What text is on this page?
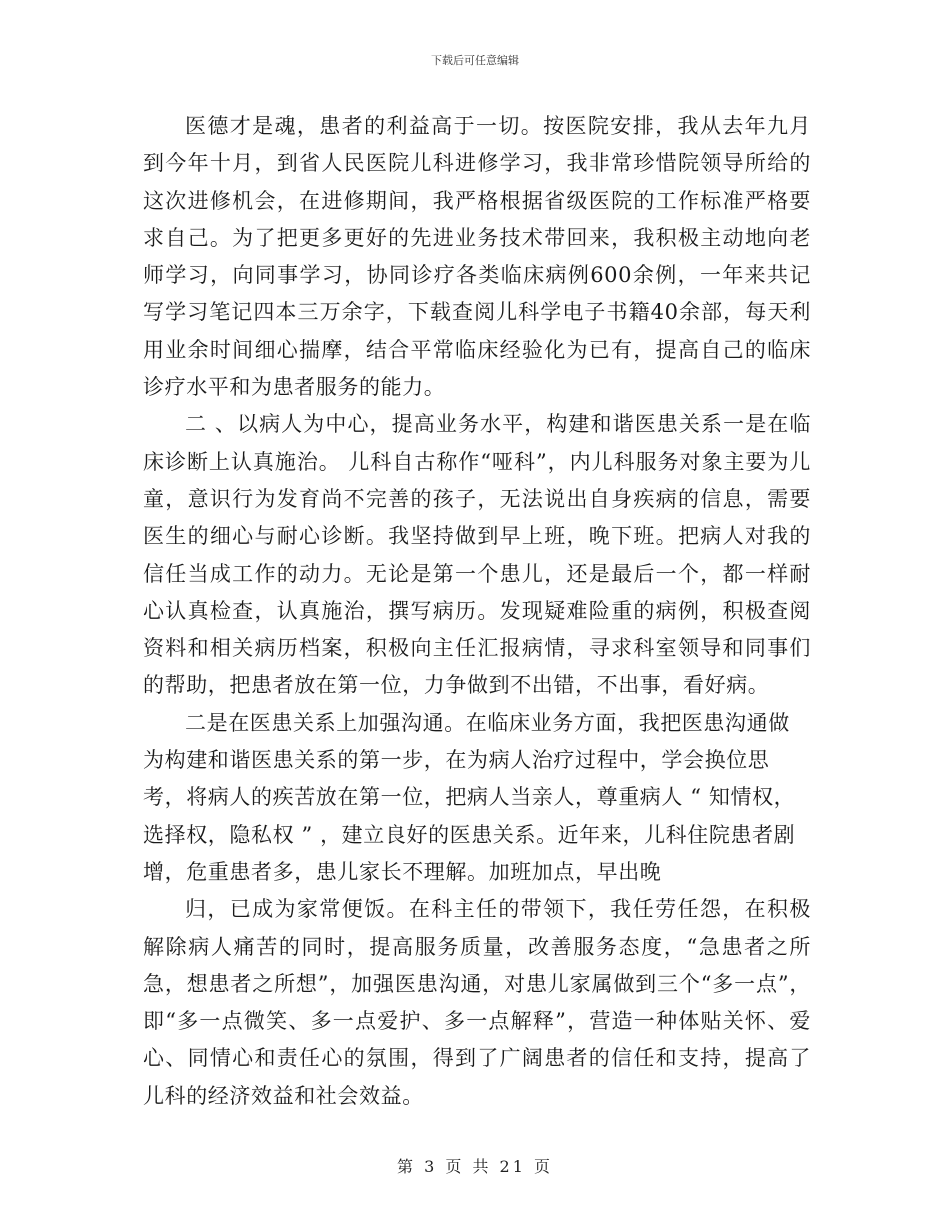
下载后可任意编辑

医德才是魂，患者的利益高于一切。按医院安排，我从去年九月到今年十月，到省人民医院儿科进修学习，我非常珍惜院领导所给的这次进修机会，在进修期间，我严格根据省级医院的工作标准严格要求自己。为了把更多更好的先进业务技术带回来，我积极主动地向老师学习，向同事学习，协同诊疗各类临床病例600余例，一年来共记写学习笔记四本三万余字，下载查阅儿科学电子书籍40余部，每天利用业余时间细心揣摩，结合平常临床经验化为已有，提高自己的临床诊疗水平和为患者服务的能力。

二 、以病人为中心，提高业务水平，构建和谐医患关系一是在临床诊断上认真施治。 儿科自古称作“哑科”，内儿科服务对象主要为儿童，意识行为发育尚不完善的孩子，无法说出自身疾病的信息，需要医生的细心与耐心诊断。我坚持做到早上班，晚下班。把病人对我的信任当成工作的动力。无论是第一个患儿，还是最后一个，都一样耐心认真检查，认真施治，撰写病历。发现疑难险重的病例，积极查阅资料和相关病历档案，积极向主任汇报病情，寻求科室领导和同事们的帮助，把患者放在第一位，力争做到不出错，不出事，看好病。

二是在医患关系上加强沟通。在临床业务方面，我把医患沟通做为构建和谐医患关系的第一步，在为病人治疗过程中，学会换位思考，将病人的疾苦放在第一位，把病人当亲人，尊重病人 “ 知情权，选择权，隐私权 ” ，建立良好的医患关系。近年来，儿科住院患者剧增，危重患者多，患儿家长不理解。加班加点，早出晚

归，已成为家常便饭。在科主任的带领下，我任劳任怨，在积极解除病人痛苦的同时，提高服务质量，改善服务态度，“急患者之所急，想患者之所想”，加强医患沟通，对患儿家属做到三个“多一点”，即“多一点微笑、多一点爱护、多一点解释”，营造一种体贴关怀、爱心、同情心和责任心的氛围，得到了广阔患者的信任和支持，提高了儿科的经济效益和社会效益。

第 3 页 共 21 页
